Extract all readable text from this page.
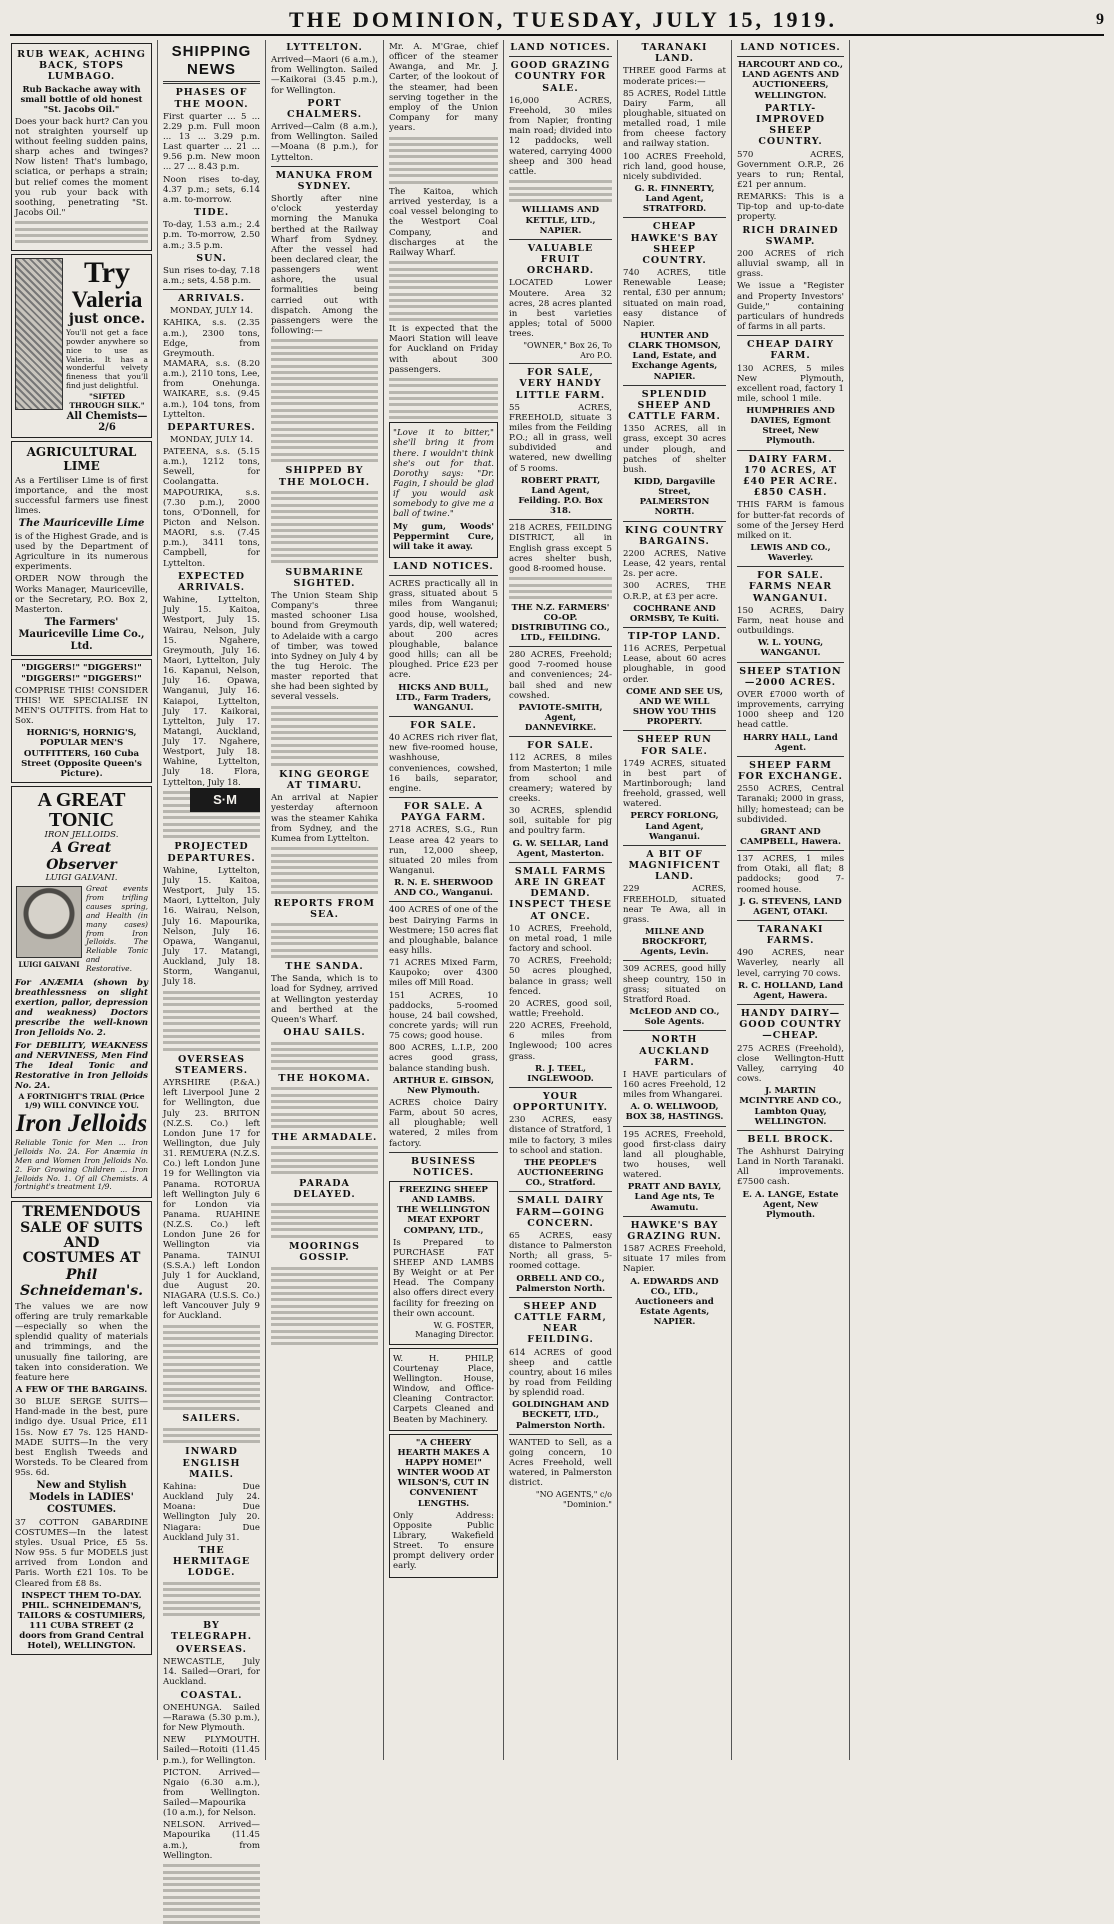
THE DOMINION, TUESDAY, JULY 15, 1919.	9
RUB WEAK, ACHING BACK, STOPS LUMBAGO.
Rub Backache away with small bottle of old honest "St. Jacobs Oil."
Does your back hurt? Can you not straighten yourself up without feeling sudden pains, sharp aches and twinges? Now listen! That's lumbago, sciatica, or perhaps a strain; but relief comes the moment you rub your back with soothing, penetrating "St. Jacobs Oil."
Try
Valeria
just once.
You'll not get a face powder anywhere so nice to use as Valeria. It has a wonderful velvety fineness that you'll find just delightful.
"SIFTED THROUGH SILK."
All Chemists— 2/6
AGRICULTURAL LIME
As a Fertiliser Lime is of first importance, and the most successful farmers use finest limes.
The Mauriceville Lime
is of the Highest Grade, and is used by the Department of Agriculture in its numerous experiments.
ORDER NOW through the Works Manager, Mauriceville, or the Secretary, P.O. Box 2, Masterton.
The Farmers' Mauriceville Lime Co., Ltd.
"DIGGERS!" "DIGGERS!" "DIGGERS!" "DIGGERS!"
COMPRISE THIS! CONSIDER THIS! WE SPECIALISE IN MEN'S OUTFITS. from Hat to Sox.
HORNIG'S, HORNIG'S, POPULAR MEN'S OUTFITTERS, 160 Cuba Street (Opposite Queen's Picture).
A GREAT TONIC
IRON JELLOIDS.
A Great Observer
LUIGI GALVANI.
LUIGI GALVANI
Great events from trifling causes spring, and Health (in many cases) from Iron Jelloids. The Reliable Tonic and Restorative.
For ANÆMIA (shown by breathlessness on slight exertion, pallor, depression and weakness) Doctors prescribe the well-known Iron Jelloids No. 2.
For DEBILITY, WEAKNESS and NERVINESS, Men Find The Ideal Tonic and Restorative in Iron Jelloids No. 2A.
A FORTNIGHT'S TRIAL (Price 1/9) WILL CONVINCE YOU.
Iron Jelloids
Reliable Tonic for Men ... Iron Jelloids No. 2A. For Anæmia in Men and Women Iron Jelloids No. 2. For Growing Children ... Iron Jelloids No. 1. Of all Chemists. A fortnight's treatment 1/9.
TREMENDOUS SALE OF SUITS AND COSTUMES AT
Phil Schneideman's.
The values we are now offering are truly remarkable—especially so when the splendid quality of materials and trimmings, and the unusually fine tailoring, are taken into consideration. We feature here
A FEW OF THE BARGAINS.
30 BLUE SERGE SUITS—Hand-made in the best, pure indigo dye. Usual Price, £11 15s. Now £7 7s. 125 HAND-MADE SUITS—In the very best English Tweeds and Worsteds. To be Cleared from 95s. 6d.
New and Stylish Models in LADIES' COSTUMES.
37 COTTON GABARDINE COSTUMES—In the latest styles. Usual Price, £5 5s. Now 95s. 5 fur MODELS just arrived from London and Paris. Worth £21 10s. To be Cleared from £8 8s.
INSPECT THEM TO-DAY.
PHIL. SCHNEIDEMAN'S, TAILORS & COSTUMIERS, 111 CUBA STREET (2 doors from Grand Central Hotel), WELLINGTON.
SHIPPING NEWS
PHASES OF THE MOON.
First quarter ... 5 ... 2.29 p.m. Full moon ... 13 ... 3.29 p.m. Last quarter ... 21 ... 9.56 p.m. New moon ... 27 ... 8.43 p.m.
Noon rises to-day, 4.37 p.m.; sets, 6.14 a.m. to-morrow.
TIDE.
To-day, 1.53 a.m.; 2.4 p.m. To-morrow, 2.50 a.m.; 3.5 p.m.
SUN.
Sun rises to-day, 7.18 a.m.; sets, 4.58 p.m.
ARRIVALS.
MONDAY, JULY 14.
KAHIKA, s.s. (2.35 a.m.), 2300 tons, Edge, from Greymouth. MAMARA, s.s. (8.20 a.m.), 2110 tons, Lee, from Onehunga. WAIKARE, s.s. (9.45 a.m.), 104 tons, from Lyttelton.
DEPARTURES.
MONDAY, JULY 14.
PATEENA, s.s. (5.15 a.m.), 1212 tons, Sewell, for Coolangatta. MAPOURIKA, s.s. (7.30 p.m.), 2000 tons, O'Donnell, for Picton and Nelson. MAORI, s.s. (7.45 p.m.), 3411 tons, Campbell, for Lyttelton.
EXPECTED ARRIVALS.
Wahine, Lyttelton, July 15. Kaitoa, Westport, July 15. Wairau, Nelson, July 15. Ngahere, Greymouth, July 16. Maori, Lyttelton, July 16. Kapanui, Nelson, July 16. Opawa, Wanganui, July 16. Kaiapoi, Lyttelton, July 17. Kaikorai, Lyttelton, July 17. Matangi, Auckland, July 17. Ngahere, Westport, July 18. Wahine, Lyttelton, July 18. Flora, Lyttelton, July 18.
PROJECTED DEPARTURES.
Wahine, Lyttelton, July 15. Kaitoa, Westport, July 15. Maori, Lyttelton, July 16. Wairau, Nelson, July 16. Mapourika, Nelson, July 16. Opawa, Wanganui, July 17. Matangi, Auckland, July 18. Storm, Wanganui, July 18.
OVERSEAS STEAMERS.
AYRSHIRE (P.&A.) left Liverpool June 2 for Wellington, due July 23. BRITON (N.Z.S. Co.) left London June 17 for Wellington, due July 31. REMUERA (N.Z.S. Co.) left London June 19 for Wellington via Panama. ROTORUA left Wellington July 6 for London via Panama. RUAHINE (N.Z.S. Co.) left London June 26 for Wellington via Panama. TAINUI (S.S.A.) left London July 1 for Auckland, due August 20. NIAGARA (U.S.S. Co.) left Vancouver July 9 for Auckland.
SAILERS.
INWARD ENGLISH MAILS.
Kahina: Due Auckland July 24. Moana: Due Wellington July 20. Niagara: Due Auckland July 31.
THE HERMITAGE LODGE.
BY TELEGRAPH.
OVERSEAS.
NEWCASTLE, July 14. Sailed—Orari, for Auckland.
COASTAL.
ONEHUNGA. Sailed—Rarawa (5.30 p.m.), for New Plymouth.
NEW PLYMOUTH. Sailed—Rotoiti (11.45 p.m.), for Wellington.
PICTON. Arrived—Ngaio (6.30 a.m.), from Wellington. Sailed—Mapourika (10 a.m.), for Nelson.
NELSON. Arrived—Mapourika (11.45 a.m.), from Wellington.
LYTTELTON.
Arrived—Maori (6 a.m.), from Wellington. Sailed—Kaikorai (3.45 p.m.), for Wellington.
PORT CHALMERS.
Arrived—Calm (8 a.m.), from Wellington. Sailed—Moana (8 p.m.), for Lyttelton.
MANUKA FROM SYDNEY.
Shortly after nine o'clock yesterday morning the Manuka berthed at the Railway Wharf from Sydney. After the vessel had been declared clear, the passengers went ashore, the usual formalities being carried out with dispatch. Among the passengers were the following:—
SHIPPED BY THE MOLOCH.
SUBMARINE SIGHTED.
The Union Steam Ship Company's three masted schooner Lisa bound from Greymouth to Adelaide with a cargo of timber, was towed into Sydney on July 4 by the tug Heroic. The master reported that she had been sighted by several vessels.
KING GEORGE AT TIMARU.
An arrival at Napier yesterday afternoon was the steamer Kahika from Sydney, and the Kumea from Lyttelton.
REPORTS FROM SEA.
THE SANDA.
The Sanda, which is to load for Sydney, arrived at Wellington yesterday and berthed at the Queen's Wharf.
OHAU SAILS.
THE HOKOMA.
THE ARMADALE.
PARADA DELAYED.
MOORINGS GOSSIP.
Mr. A. M'Grae, chief officer of the steamer Awanga, and Mr. J. Carter, of the lookout of the steamer, had been serving together in the employ of the Union Company for many years.
The Kaitoa, which arrived yesterday, is a coal vessel belonging to the Westport Coal Company, and discharges at the Railway Wharf.
It is expected that the Maori Station will leave for Auckland on Friday with about 300 passengers.
"Love it to bitter," she'll bring it from there. I wouldn't think she's out for that. Dorothy says: "Dr. Fagin, I should be glad if you would ask somebody to give me a ball of twine."
My gum, Woods' Peppermint Cure, will take it away.
LAND NOTICES.
ACRES practically all in grass, situated about 5 miles from Wanganui; good house, woolshed, yards, dip, well watered; about 200 acres ploughable, balance good hills; can all be ploughed. Price £23 per acre.
HICKS AND BULL, LTD., Farm Traders, WANGANUI.
FOR SALE.
40 ACRES rich river flat, new five-roomed house, washhouse, conveniences, cowshed, 16 bails, separator, engine.
FOR SALE. A PAYGA FARM.
2718 ACRES, S.G., Run Lease area 42 years to run, 12,000 sheep, situated 20 miles from Wanganui.
R. N. E. SHERWOOD AND CO., Wanganui.
400 ACRES of one of the best Dairying Farms in Westmere; 150 acres flat and ploughable, balance easy hills.
71 ACRES Mixed Farm, Kaupoko; over 4300 miles off Mill Road.
151 ACRES, 10 paddocks, 5-roomed house, 24 bail cowshed, concrete yards; will run 75 cows; good house.
800 ACRES, L.I.P., 200 acres good grass, balance standing bush.
ARTHUR E. GIBSON, New Plymouth.
ACRES choice Dairy Farm, about 50 acres, all ploughable; well watered, 2 miles from factory.
BUSINESS NOTICES.
FREEZING SHEEP AND LAMBS.
THE WELLINGTON MEAT EXPORT COMPANY, LTD.,
Is Prepared to PURCHASE FAT SHEEP AND LAMBS By Weight or at Per Head. The Company also offers direct every facility for freezing on their own account.
W. G. FOSTER, Managing Director.
W. H. PHILP, Courtenay Place, Wellington. House, Window, and Office-Cleaning Contractor. Carpets Cleaned and Beaten by Machinery.
"A CHEERY HEARTH MAKES A HAPPY HOME!"
WINTER WOOD AT WILSON'S, CUT IN CONVENIENT LENGTHS.
Only Address: Opposite Public Library, Wakefield Street. To ensure prompt delivery order early.
LAND NOTICES.
GOOD GRAZING COUNTRY FOR SALE.
16,000 ACRES, Freehold, 30 miles from Napier, fronting main road; divided into 12 paddocks, well watered, carrying 4000 sheep and 300 head cattle.
WILLIAMS AND KETTLE, LTD., NAPIER.
VALUABLE FRUIT ORCHARD.
LOCATED Lower Moutere. Area 32 acres, 28 acres planted in best varieties apples; total of 5000 trees.
"OWNER," Box 26, To Aro P.O.
FOR SALE, VERY HANDY LITTLE FARM.
55 ACRES, FREEHOLD, situate 3 miles from the Feilding P.O.; all in grass, well subdivided and watered, new dwelling of 5 rooms.
ROBERT PRATT, Land Agent, Feilding. P.O. Box 318.
218 ACRES, FEILDING DISTRICT, all in English grass except 5 acres shelter bush, good 8-roomed house.
THE N.Z. FARMERS' CO-OP. DISTRIBUTING CO., LTD., FEILDING.
280 ACRES, Freehold; good 7-roomed house and conveniences; 24-bail shed and new cowshed.
PAVIOTE-SMITH, Agent, DANNEVIRKE.
FOR SALE.
112 ACRES, 8 miles from Masterton; 1 mile from school and creamery; watered by creeks.
30 ACRES, splendid soil, suitable for pig and poultry farm.
G. W. SELLAR, Land Agent, Masterton.
SMALL FARMS ARE IN GREAT DEMAND. INSPECT THESE AT ONCE.
10 ACRES, Freehold, on metal road, 1 mile factory and school.
70 ACRES, Freehold; 50 acres ploughed, balance in grass; well fenced.
20 ACRES, good soil, wattle; Freehold.
220 ACRES, Freehold, 6 miles from Inglewood; 100 acres grass.
R. J. TEEL, INGLEWOOD.
YOUR OPPORTUNITY.
230 ACRES, easy distance of Stratford, 1 mile to factory, 3 miles to school and station.
THE PEOPLE'S AUCTIONEERING CO., Stratford.
SMALL DAIRY FARM—GOING CONCERN.
65 ACRES, easy distance to Palmerston North; all grass, 5-roomed cottage.
ORBELL AND CO., Palmerston North.
SHEEP AND CATTLE FARM, NEAR FEILDING.
614 ACRES of good sheep and cattle country, about 16 miles by road from Feilding by splendid road.
GOLDINGHAM AND BECKETT, LTD., Palmerston North.
WANTED to Sell, as a going concern, 10 Acres Freehold, well watered, in Palmerston district.
"NO AGENTS," c/o "Dominion."
TARANAKI LAND.
THREE good Farms at moderate prices:—
85 ACRES, Rodel Little Dairy Farm, all ploughable, situated on metalled road, 1 mile from cheese factory and railway station.
100 ACRES Freehold, rich land, good house, nicely subdivided.
G. R. FINNERTY, Land Agent, STRATFORD.
CHEAP HAWKE'S BAY SHEEP COUNTRY.
740 ACRES, title Renewable Lease; rental, £30 per annum; situated on main road, easy distance of Napier.
HUNTER AND CLARK THOMSON, Land, Estate, and Exchange Agents, NAPIER.
SPLENDID SHEEP AND CATTLE FARM.
1350 ACRES, all in grass, except 30 acres under plough, and patches of shelter bush.
KIDD, Dargaville Street, PALMERSTON NORTH.
KING COUNTRY BARGAINS.
2200 ACRES, Native Lease, 42 years, rental 2s. per acre.
300 ACRES, THE O.R.P., at £3 per acre.
COCHRANE AND ORMSBY, Te Kuiti.
TIP-TOP LAND.
116 ACRES, Perpetual Lease, about 60 acres ploughable, in good order.
COME AND SEE US, AND WE WILL SHOW YOU THIS PROPERTY.
SHEEP RUN FOR SALE.
1749 ACRES, situated in best part of Martinborough; land freehold, grassed, well watered.
PERCY FORLONG, Land Agent, Wanganui.
A BIT OF MAGNIFICENT LAND.
229 ACRES, FREEHOLD, situated near Te Awa, all in grass.
MILNE AND BROCKFORT, Agents, Levin.
309 ACRES, good hilly sheep country, 150 in grass; situated on Stratford Road.
McLEOD AND CO., Sole Agents.
NORTH AUCKLAND FARM.
I HAVE particulars of 160 acres Freehold, 12 miles from Whangarei.
A. O. WELLWOOD, BOX 38, HASTINGS.
195 ACRES, Freehold, good first-class dairy land all ploughable, two houses, well watered.
PRATT AND BAYLY, Land Age nts, Te Awamutu.
HAWKE'S BAY GRAZING RUN.
1587 ACRES Freehold, situate 17 miles from Napier.
A. EDWARDS AND CO., LTD., Auctioneers and Estate Agents, NAPIER.
LAND NOTICES.
HARCOURT AND CO., LAND AGENTS AND AUCTIONEERS, WELLINGTON.
PARTLY-IMPROVED SHEEP COUNTRY.
570 ACRES, Government O.R.P., 26 years to run; Rental, £21 per annum.
REMARKS: This is a Tip-top and up-to-date property.
RICH DRAINED SWAMP.
200 ACRES of rich alluvial swamp, all in grass.
We issue a "Register and Property Investors' Guide," containing particulars of hundreds of farms in all parts.
CHEAP DAIRY FARM.
130 ACRES, 5 miles New Plymouth, excellent road, factory 1 mile, school 1 mile.
HUMPHRIES AND DAVIES, Egmont Street, New Plymouth.
DAIRY FARM. 170 ACRES, AT £40 PER ACRE. £850 CASH.
THIS FARM is famous for butter-fat records of some of the Jersey Herd milked on it.
LEWIS AND CO., Waverley.
FOR SALE. FARMS NEAR WANGANUI.
150 ACRES, Dairy Farm, neat house and outbuildings.
W. L. YOUNG, WANGANUI.
SHEEP STATION—2000 ACRES.
OVER £7000 worth of improvements, carrying 1000 sheep and 120 head cattle.
HARRY HALL, Land Agent.
SHEEP FARM FOR EXCHANGE.
2550 ACRES, Central Taranaki; 2000 in grass, hilly; homestead; can be subdivided.
GRANT AND CAMPBELL, Hawera.
137 ACRES, 1 miles from Otaki, all flat; 8 paddocks; good 7-roomed house.
J. G. STEVENS, LAND AGENT, OTAKI.
TARANAKI FARMS.
490 ACRES, near Waverley, nearly all level, carrying 70 cows.
R. C. HOLLAND, Land Agent, Hawera.
HANDY DAIRY—GOOD COUNTRY—CHEAP.
275 ACRES (Freehold), close Wellington-Hutt Valley, carrying 40 cows.
J. MARTIN MCINTYRE AND CO., Lambton Quay, WELLINGTON.
BELL BROCK.
The Ashhurst Dairying Land in North Taranaki. All improvements. £7500 cash.
E. A. LANGE, Estate Agent, New Plymouth.
S·M
